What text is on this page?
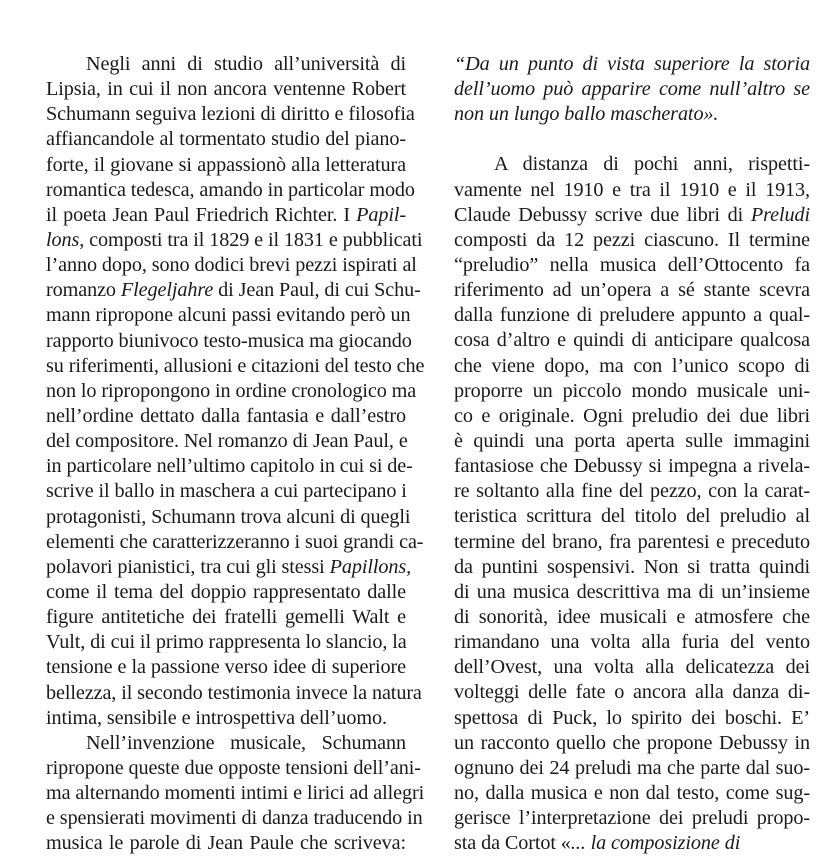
Negli anni di studio all’università di
Lipsia, in cui il non ancora ventenne Robert
Schumann seguiva lezioni di diritto e filosofia
affiancandole al tormentato studio del piano-
forte, il giovane si appassionò alla letteratura
romantica tedesca, amando in particolar modo
il poeta Jean Paul Friedrich Richter. I Papil-
lons, composti tra il 1829 e il 1831 e pubblicati
l’anno dopo, sono dodici brevi pezzi ispirati al
romanzo Flegeljahre di Jean Paul, di cui Schu-
mann ripropone alcuni passi evitando però un
rapporto biunivoco testo-musica ma giocando
su riferimenti, allusioni e citazioni del testo che
non lo ripropongono in ordine cronologico ma
nell’ordine dettato dalla fantasia e dall’estro
del compositore. Nel romanzo di Jean Paul, e
in particolare nell’ultimo capitolo in cui si de-
scrive il ballo in maschera a cui partecipano i
protagonisti, Schumann trova alcuni di quegli
elementi che caratterizzeranno i suoi grandi ca-
polavori pianistici, tra cui gli stessi Papillons,
come il tema del doppio rappresentato dalle
figure antitetiche dei fratelli gemelli Walt e
Vult, di cui il primo rappresenta lo slancio, la
tensione e la passione verso idee di superiore
bellezza, il secondo testimonia invece la natura
intima, sensibile e introspettiva dell’uomo.
Nell’invenzione musicale, Schumann
ripropone queste due opposte tensioni dell’ani-
ma alternando momenti intimi e lirici ad allegri
e spensierati movimenti di danza traducendo in
musica le parole di Jean Paule che scriveva:
“Da un punto di vista superiore la storia
dell’uomo può apparire come null’altro se
non un lungo ballo mascherato».
A distanza di pochi anni, rispetti-
vamente nel 1910 e tra il 1910 e il 1913,
Claude Debussy scrive due libri di Preludi
composti da 12 pezzi ciascuno. Il termine
“preludio” nella musica dell’Ottocento fa
riferimento ad un’opera a sé stante scevra
dalla funzione di preludere appunto a qual-
cosa d’altro e quindi di anticipare qualcosa
che viene dopo, ma con l’unico scopo di
proporre un piccolo mondo musicale uni-
co e originale. Ogni preludio dei due libri
è quindi una porta aperta sulle immagini
fantasiose che Debussy si impegna a rivela-
re soltanto alla fine del pezzo, con la carat-
teristica scrittura del titolo del preludio al
termine del brano, fra parentesi e preceduto
da puntini sospensivi. Non si tratta quindi
di una musica descrittiva ma di un’insieme
di sonorità, idee musicali e atmosfere che
rimandano una volta alla furia del vento
dell’Ovest, una volta alla delicatezza dei
volteggi delle fate o ancora alla danza di-
spettosa di Puck, lo spirito dei boschi. E’
un racconto quello che propone Debussy in
ognuno dei 24 preludi ma che parte dal suo-
no, dalla musica e non dal testo, come sug-
gerisce l’interpretazione dei preludi propo-
sta da Cortot «... la composizione di
